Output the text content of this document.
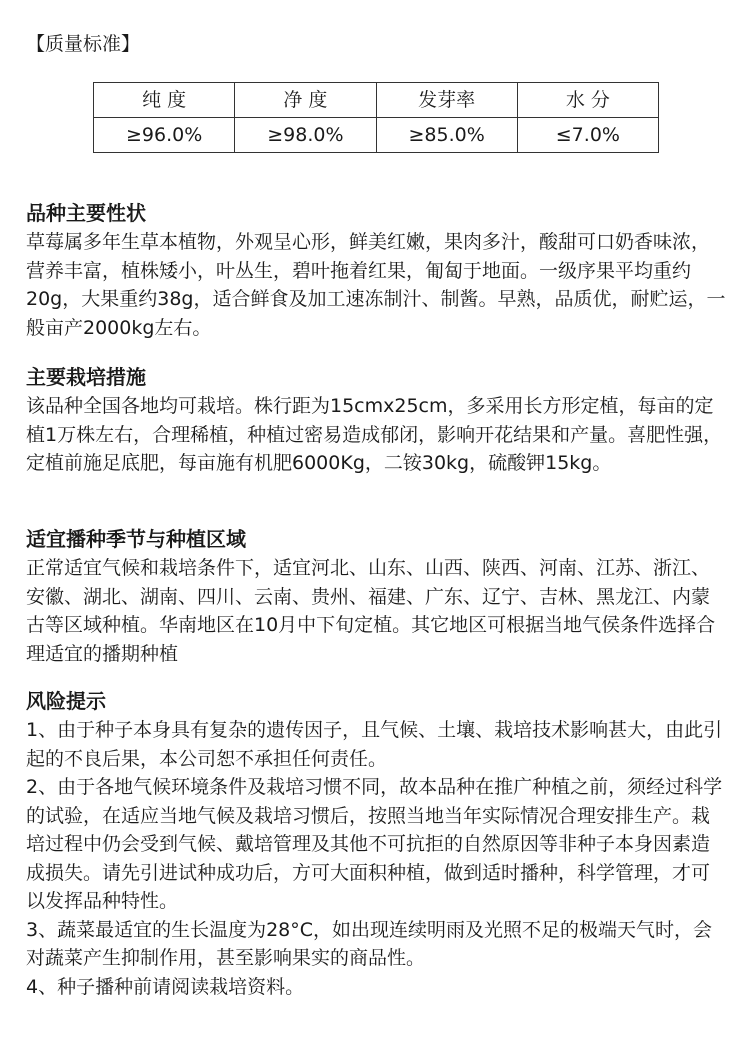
【质量标准】
纯 度	净 度	发芽率	水 分
≥96.0%	≥98.0%	≥85.0%	≤7.0%
品种主要性状
草莓属多年生草本植物，外观呈心形，鲜美红嫩，果肉多汁，酸甜可口奶香味浓，营养丰富，植株矮小，叶丛生，碧叶拖着红果，匍匐于地面。一级序果平均重约20g，大果重约38g，适合鲜食及加工速冻制汁、制酱。早熟，品质优，耐贮运，一般亩产2000kg左右。
主要栽培措施
该品种全国各地均可栽培。株行距为15cmx25cm，多采用长方形定植，每亩的定植1万株左右，合理稀植，种植过密易造成郁闭，影响开花结果和产量。喜肥性强，定植前施足底肥，每亩施有机肥6000Kg，二铵30kg，硫酸钾15kg。
适宜播种季节与种植区域
正常适宜气候和栽培条件下，适宜河北、山东、山西、陕西、河南、江苏、浙江、安徽、湖北、湖南、四川、云南、贵州、福建、广东、辽宁、吉林、黑龙江、内蒙古等区域种植。华南地区在10月中下旬定植。其它地区可根据当地气侯条件选择合理适宜的播期种植
风险提示

1、由于种子本身具有复杂的遗传因子，且气候、土壤、栽培技术影响甚大，由此引起的不良后果，本公司恕不承担任何责任。

2、由于各地气候环境条件及栽培习惯不同，故本品种在推广种植之前，须经过科学的试验，在适应当地气候及栽培习惯后，按照当地当年实际情况合理安排生产。栽培过程中仍会受到气候、戴培管理及其他不可抗拒的自然原因等非种子本身因素造成损失。请先引进试种成功后，方可大面积种植，做到适时播种，科学管理，才可以发挥品种特性。

3、蔬菜最适宜的生长温度为28°C，如出现连续明雨及光照不足的极端天气时，会对蔬菜产生抑制作用，甚至影响果实的商品性。

4、种子播种前请阅读栽培资料。
